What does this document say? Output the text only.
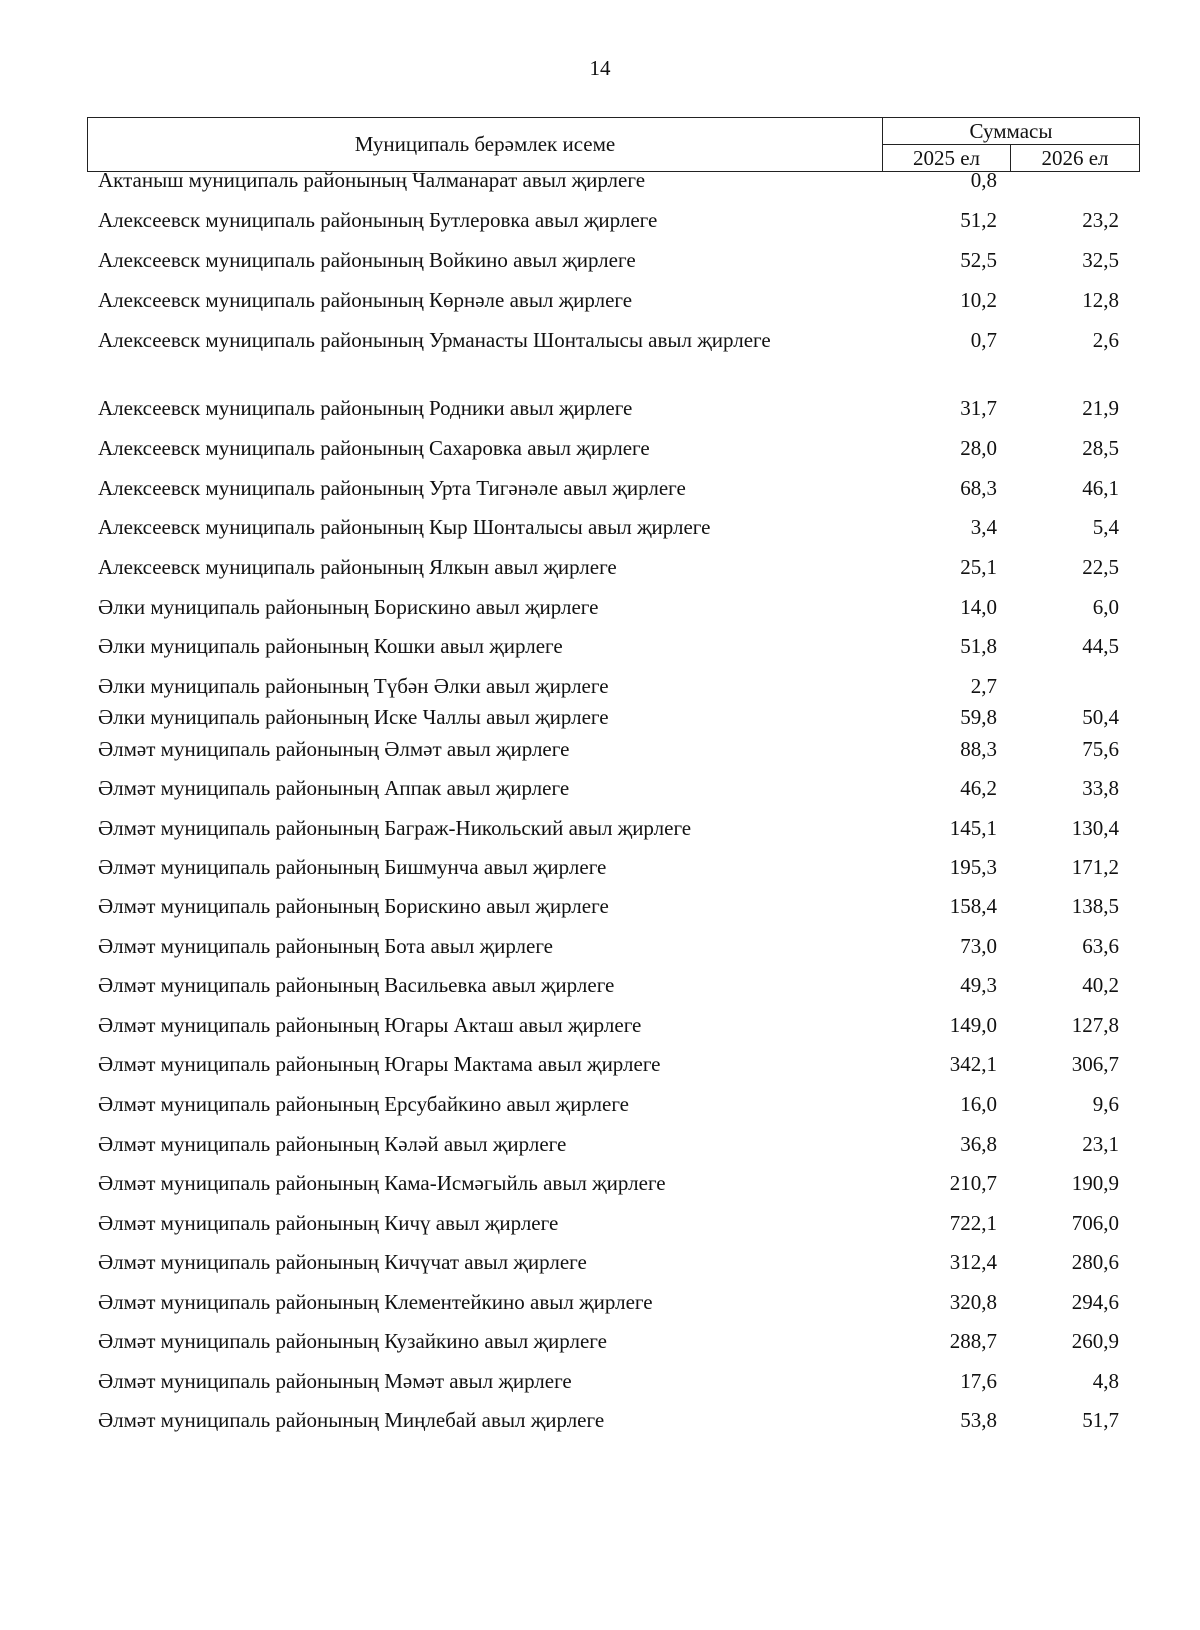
14
Муниципаль берәмлек исеме
Суммасы
2025 ел	2026 ел
Актаныш муниципаль районының Чалманарат авыл җирлеге	0,8
Алексеевск муниципаль районының Бутлеровка авыл җирлеге	51,2	23,2
Алексеевск муниципаль районының Войкино авыл җирлеге	52,5	32,5
Алексеевск муниципаль районының Көрнәле авыл җирлеге	10,2	12,8
Алексеевск муниципаль районының Урманасты Шонталысы авыл җирлеге	0,7	2,6
Алексеевск муниципаль районының Родники авыл җирлеге	31,7	21,9
Алексеевск муниципаль районының Сахаровка авыл җирлеге	28,0	28,5
Алексеевск муниципаль районының Урта Тигәнәле авыл җирлеге	68,3	46,1
Алексеевск муниципаль районының Кыр Шонталысы авыл җирлеге	3,4	5,4
Алексеевск муниципаль районының Ялкын авыл җирлеге	25,1	22,5
Әлки муниципаль районының Борискино авыл җирлеге	14,0	6,0
Әлки муниципаль районының Кошки авыл җирлеге	51,8	44,5
Әлки муниципаль районының Түбән Әлки авыл җирлеге	2,7
Әлки муниципаль районының Иске Чаллы авыл җирлеге	59,8	50,4
Әлмәт муниципаль районының Әлмәт авыл җирлеге	88,3	75,6
Әлмәт муниципаль районының Аппак авыл җирлеге	46,2	33,8
Әлмәт муниципаль районының Баграж-Никольский авыл җирлеге	145,1	130,4
Әлмәт муниципаль районының Бишмунча авыл җирлеге	195,3	171,2
Әлмәт муниципаль районының Борискино авыл җирлеге	158,4	138,5
Әлмәт муниципаль районының Бота авыл җирлеге	73,0	63,6
Әлмәт муниципаль районының Васильевка авыл җирлеге	49,3	40,2
Әлмәт муниципаль районының Югары Акташ авыл җирлеге	149,0	127,8
Әлмәт муниципаль районының Югары Мактама авыл җирлеге	342,1	306,7
Әлмәт муниципаль районының Ерсубайкино авыл җирлеге	16,0	9,6
Әлмәт муниципаль районының Кәләй авыл җирлеге	36,8	23,1
Әлмәт муниципаль районының Кама-Исмәгыйль авыл җирлеге	210,7	190,9
Әлмәт муниципаль районының Кичү авыл җирлеге	722,1	706,0
Әлмәт муниципаль районының Кичүчат авыл җирлеге	312,4	280,6
Әлмәт муниципаль районының Клементейкино авыл җирлеге	320,8	294,6
Әлмәт муниципаль районының Кузайкино авыл җирлеге	288,7	260,9
Әлмәт муниципаль районының Мәмәт авыл җирлеге	17,6	4,8
Әлмәт муниципаль районының Миңлебай авыл җирлеге	53,8	51,7
